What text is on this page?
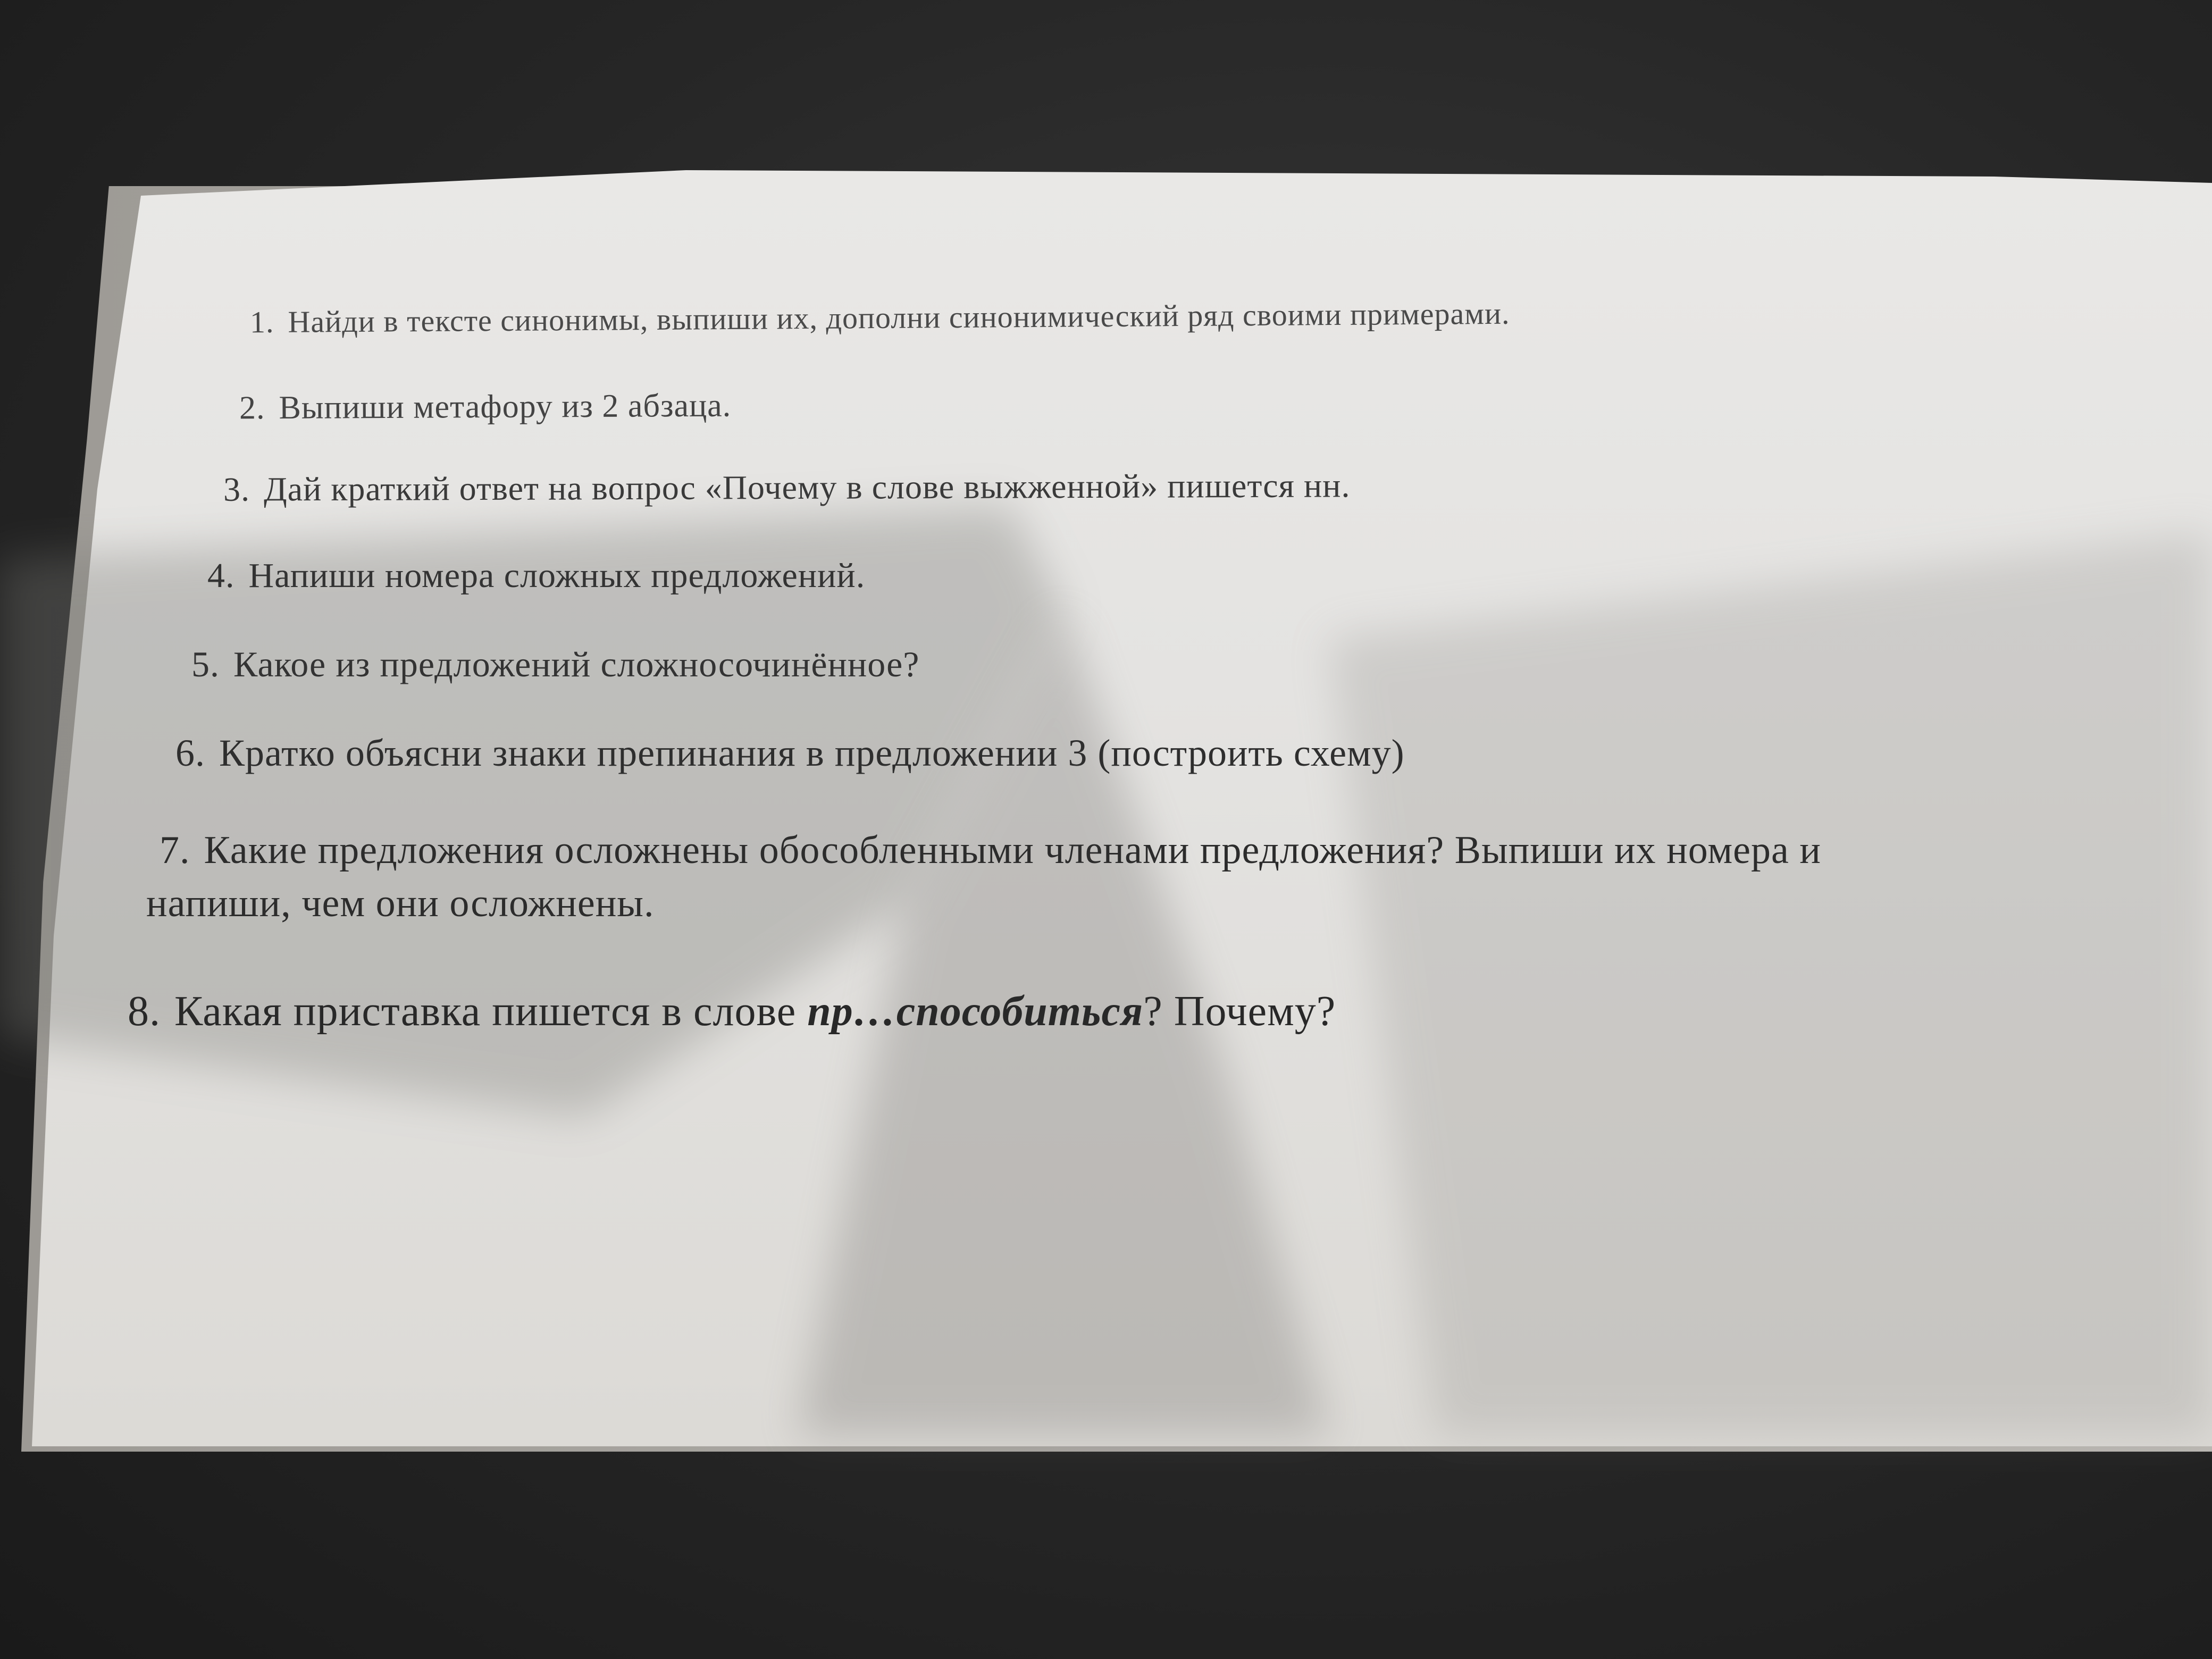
1. Найди в тексте синонимы, выпиши их, дополни синонимический ряд своими примерами.
2. Выпиши метафору из 2 абзаца.
3. Дай краткий ответ на вопрос «Почему в слове выжженной» пишется нн.
4. Напиши номера сложных предложений.
5. Какое из предложений сложносочинённое?
6. Кратко объясни знаки препинания в предложении 3 (построить схему)
7. Какие предложения осложнены обособленными членами предложения? Выпиши их номера и
напиши, чем они осложнены.
8. Какая приставка пишется в слове пр…способиться? Почему?
